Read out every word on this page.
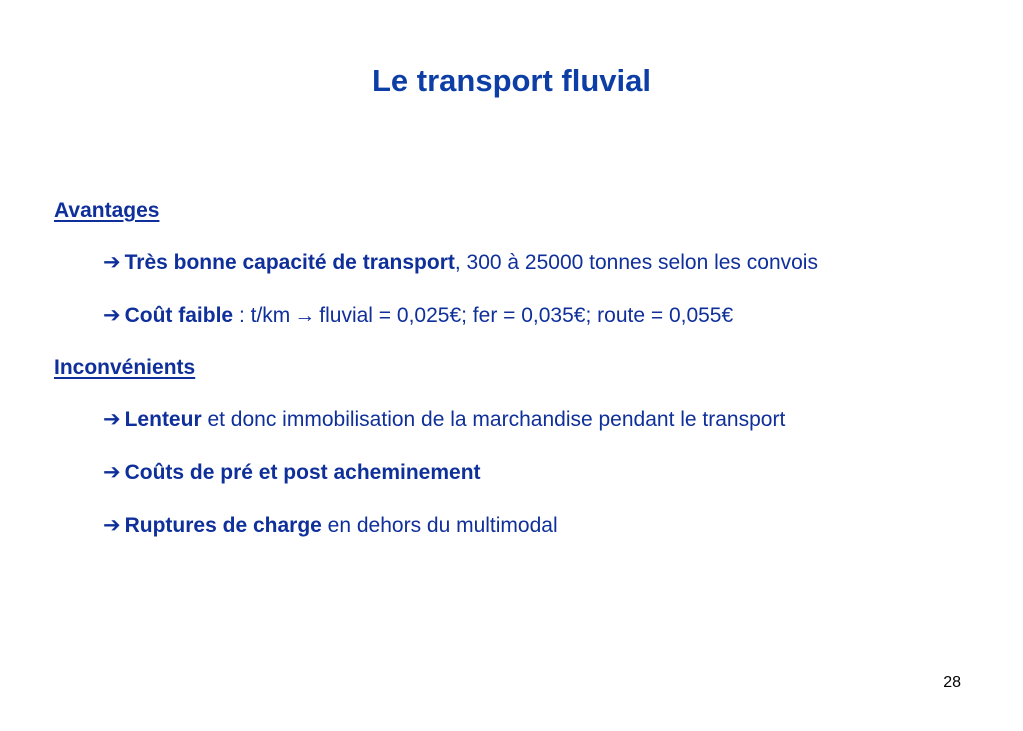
Le transport fluvial
Avantages
➔ Très bonne capacité de transport, 300 à 25000 tonnes selon les convois
➔ Coût faible : t/km → fluvial = 0,025€; fer = 0,035€; route = 0,055€
Inconvénients
➔ Lenteur et donc immobilisation de la marchandise pendant le transport
➔ Coûts de pré et post acheminement
➔ Ruptures de charge en dehors du multimodal
28
